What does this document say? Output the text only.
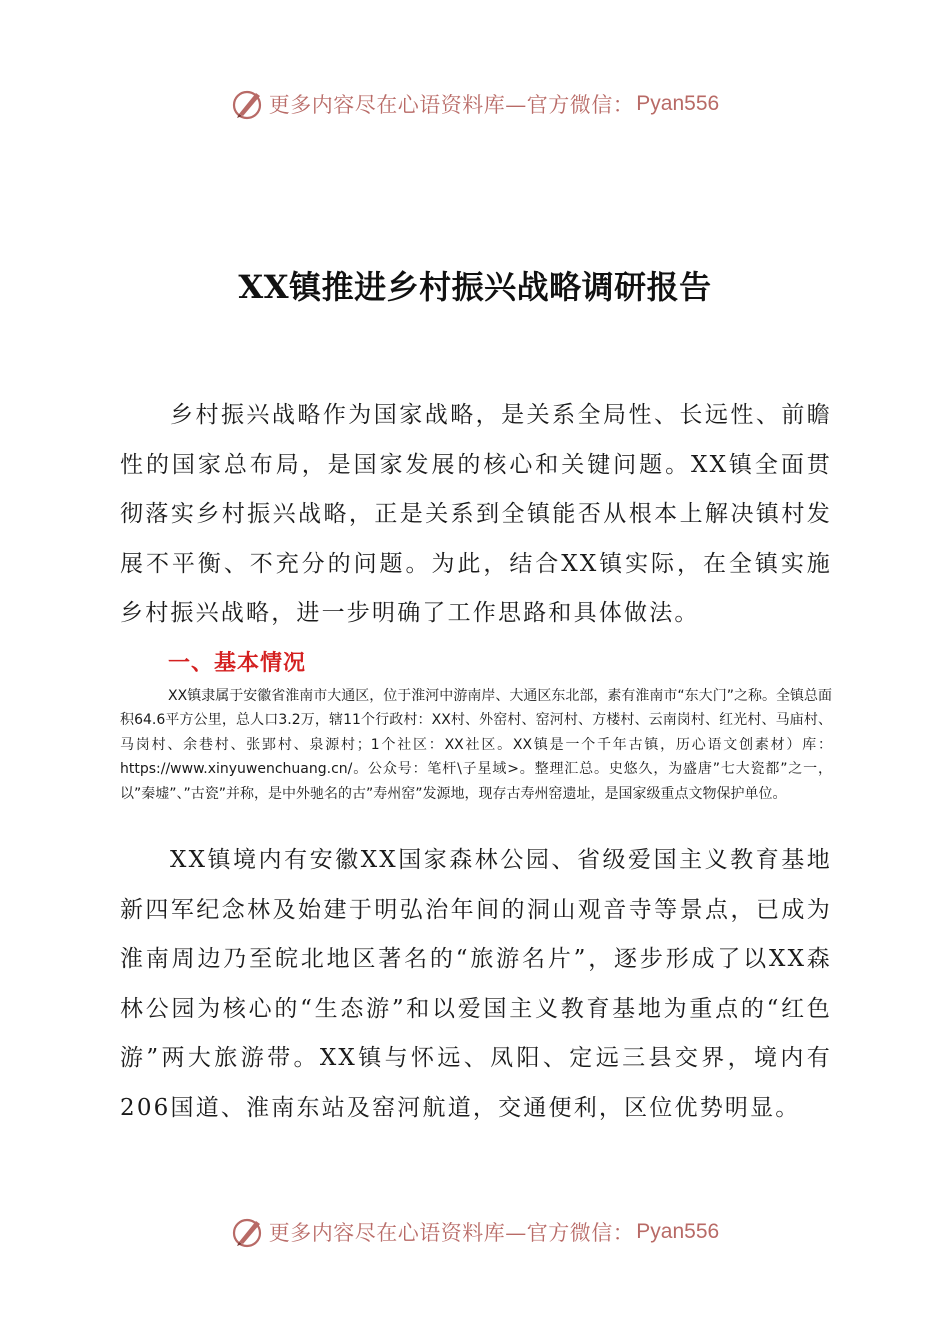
更多内容尽在心语资料库—官方微信： Pyan556
XX镇推进乡村振兴战略调研报告

乡村振兴战略作为国家战略，是关系全局性、长远性、前瞻性的国家总布局，是国家发展的核心和关键问题。XX镇全面贯彻落实乡村振兴战略，正是关系到全镇能否从根本上解决镇村发展不平衡、不充分的问题。为此，结合XX镇实际，在全镇实施乡村振兴战略，进一步明确了工作思路和具体做法。

一、基本情况

XX镇隶属于安徽省淮南市大通区，位于淮河中游南岸、大通区东北部，素有淮南市“东大门”之称。全镇总面积64.6平方公里，总人口3.2万，辖11个行政村：XX村、外窑村、窑河村、方楼村、云南岗村、红光村、马庙村、马岗村、余巷村、张郢村、泉源村；1个社区：XX社区。XX镇是一个千年古镇，历心语文创素材）库：https://www.xinyuwenchuang.cn/。公众号：笔杆\子星域>。整理汇总。史悠久，为盛唐”七大瓷都”之一，以”秦墟”、”古瓷”并称，是中外驰名的古”寿州窑”发源地，现存古寿州窑遗址，是国家级重点文物保护单位。

XX镇境内有安徽XX国家森林公园、省级爱国主义教育基地新四军纪念林及始建于明弘治年间的洞山观音寺等景点，已成为淮南周边乃至皖北地区著名的“旅游名片”，逐步形成了以XX森林公园为核心的“生态游”和以爱国主义教育基地为重点的“红色游”两大旅游带。XX镇与怀远、凤阳、定远三县交界，境内有206国道、淮南东站及窑河航道，交通便利，区位优势明显。

更多内容尽在心语资料库—官方微信： Pyan556
